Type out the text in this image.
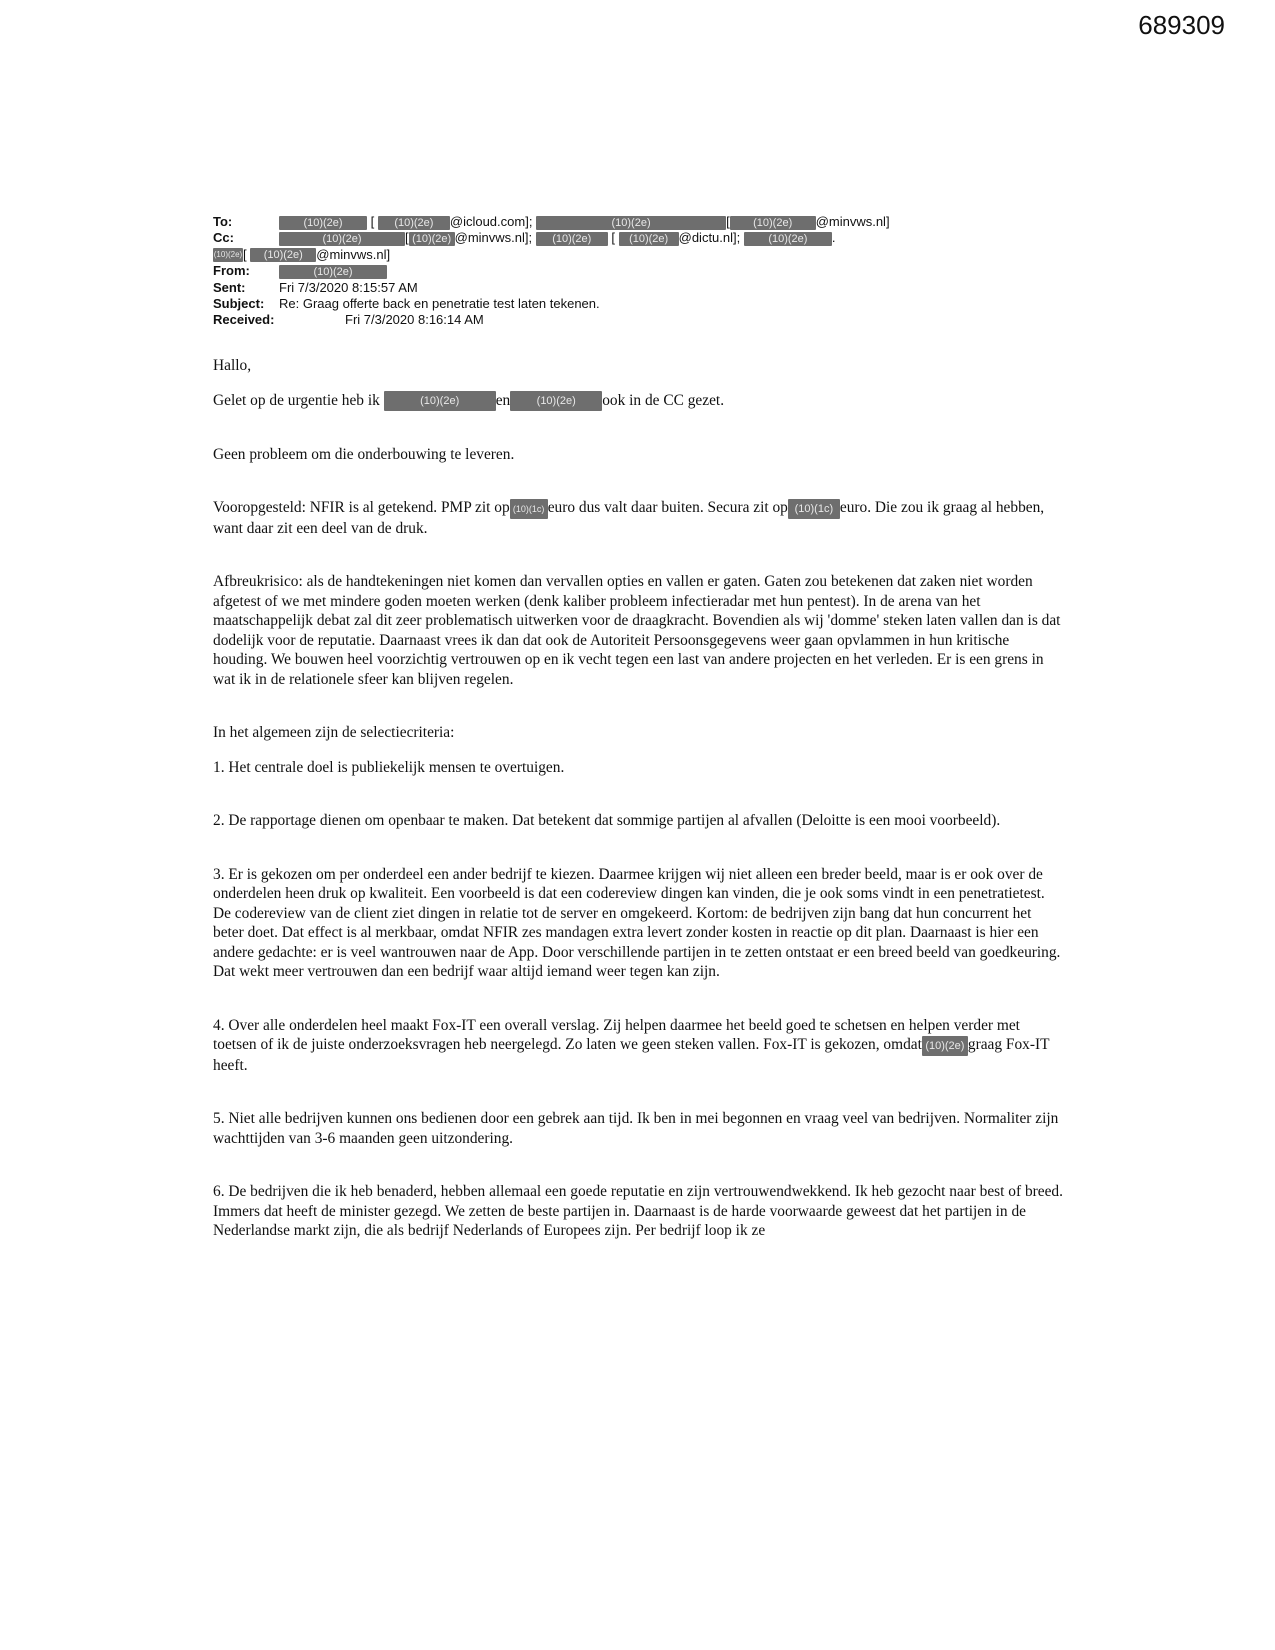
689309
To:	(10)(2e) [ (10)(2e) @icloud.com];	(10)(2e)	[ (10)(2e) @minvws.nl]
Cc:	(10)(2e)	[ (10)(2e) @minvws.nl]; (10)(2e) [ (10)(2e) @dictu.nl];	(10)(2e) .
(10)(2e)[ (10)(2e) @minvws.nl]
From:	(10)(2e)
Sent:	Fri 7/3/2020 8:15:57 AM
Subject:	Re: Graag offerte back en penetratie test laten tekenen.
Received:	Fri 7/3/2020 8:16:14 AM

Hallo,

Gelet op de urgentie heb ik	(10)(2e) en (10)(2e) ook in de CC gezet.

Geen probleem om die onderbouwing te leveren.

Vooropgesteld: NFIR is al getekend. PMP zit op (10)(1c) euro dus valt daar buiten. Secura zit op (10)(1c) euro. Die zou ik graag al hebben, want daar zit een deel van de druk.

Afbreukrisico: als de handtekeningen niet komen dan vervallen opties en vallen er gaten. Gaten zou betekenen dat zaken niet worden afgetest of we met mindere goden moeten werken (denk kaliber probleem infectieradar met hun pentest). In de arena van het maatschappelijk debat zal dit zeer problematisch uitwerken voor de draagkracht. Bovendien als wij 'domme' steken laten vallen dan is dat dodelijk voor de reputatie. Daarnaast vrees ik dan dat ook de Autoriteit Persoonsgegevens weer gaan opvlammen in hun kritische houding. We bouwen heel voorzichtig vertrouwen op en ik vecht tegen een last van andere projecten en het verleden. Er is een grens in wat ik in de relationele sfeer kan blijven regelen.

In het algemeen zijn de selectiecriteria:

1. Het centrale doel is publiekelijk mensen te overtuigen.

2. De rapportage dienen om openbaar te maken. Dat betekent dat sommige partijen al afvallen (Deloitte is een mooi voorbeeld).

3. Er is gekozen om per onderdeel een ander bedrijf te kiezen. Daarmee krijgen wij niet alleen een breder beeld, maar is er ook over de onderdelen heen druk op kwaliteit. Een voorbeeld is dat een codereview dingen kan vinden, die je ook soms vindt in een penetratietest. De codereview van de client ziet dingen in relatie tot de server en omgekeerd. Kortom: de bedrijven zijn bang dat hun concurrent het beter doet. Dat effect is al merkbaar, omdat NFIR zes mandagen extra levert zonder kosten in reactie op dit plan. Daarnaast is hier een andere gedachte: er is veel wantrouwen naar de App. Door verschillende partijen in te zetten ontstaat er een breed beeld van goedkeuring. Dat wekt meer vertrouwen dan een bedrijf waar altijd iemand weer tegen kan zijn.

4. Over alle onderdelen heel maakt Fox-IT een overall verslag. Zij helpen daarmee het beeld goed te schetsen en helpen verder met toetsen of ik de juiste onderzoeksvragen heb neergelegd. Zo laten we geen steken vallen. Fox-IT is gekozen, omdat (10)(2e) graag Fox-IT heeft.

5. Niet alle bedrijven kunnen ons bedienen door een gebrek aan tijd. Ik ben in mei begonnen en vraag veel van bedrijven. Normaliter zijn wachttijden van 3-6 maanden geen uitzondering.

6. De bedrijven die ik heb benaderd, hebben allemaal een goede reputatie en zijn vertrouwendwekkend. Ik heb gezocht naar best of breed. Immers dat heeft de minister gezegd. We zetten de beste partijen in. Daarnaast is de harde voorwaarde geweest dat het partijen in de Nederlandse markt zijn, die als bedrijf Nederlands of Europees zijn. Per bedrijf loop ik ze
